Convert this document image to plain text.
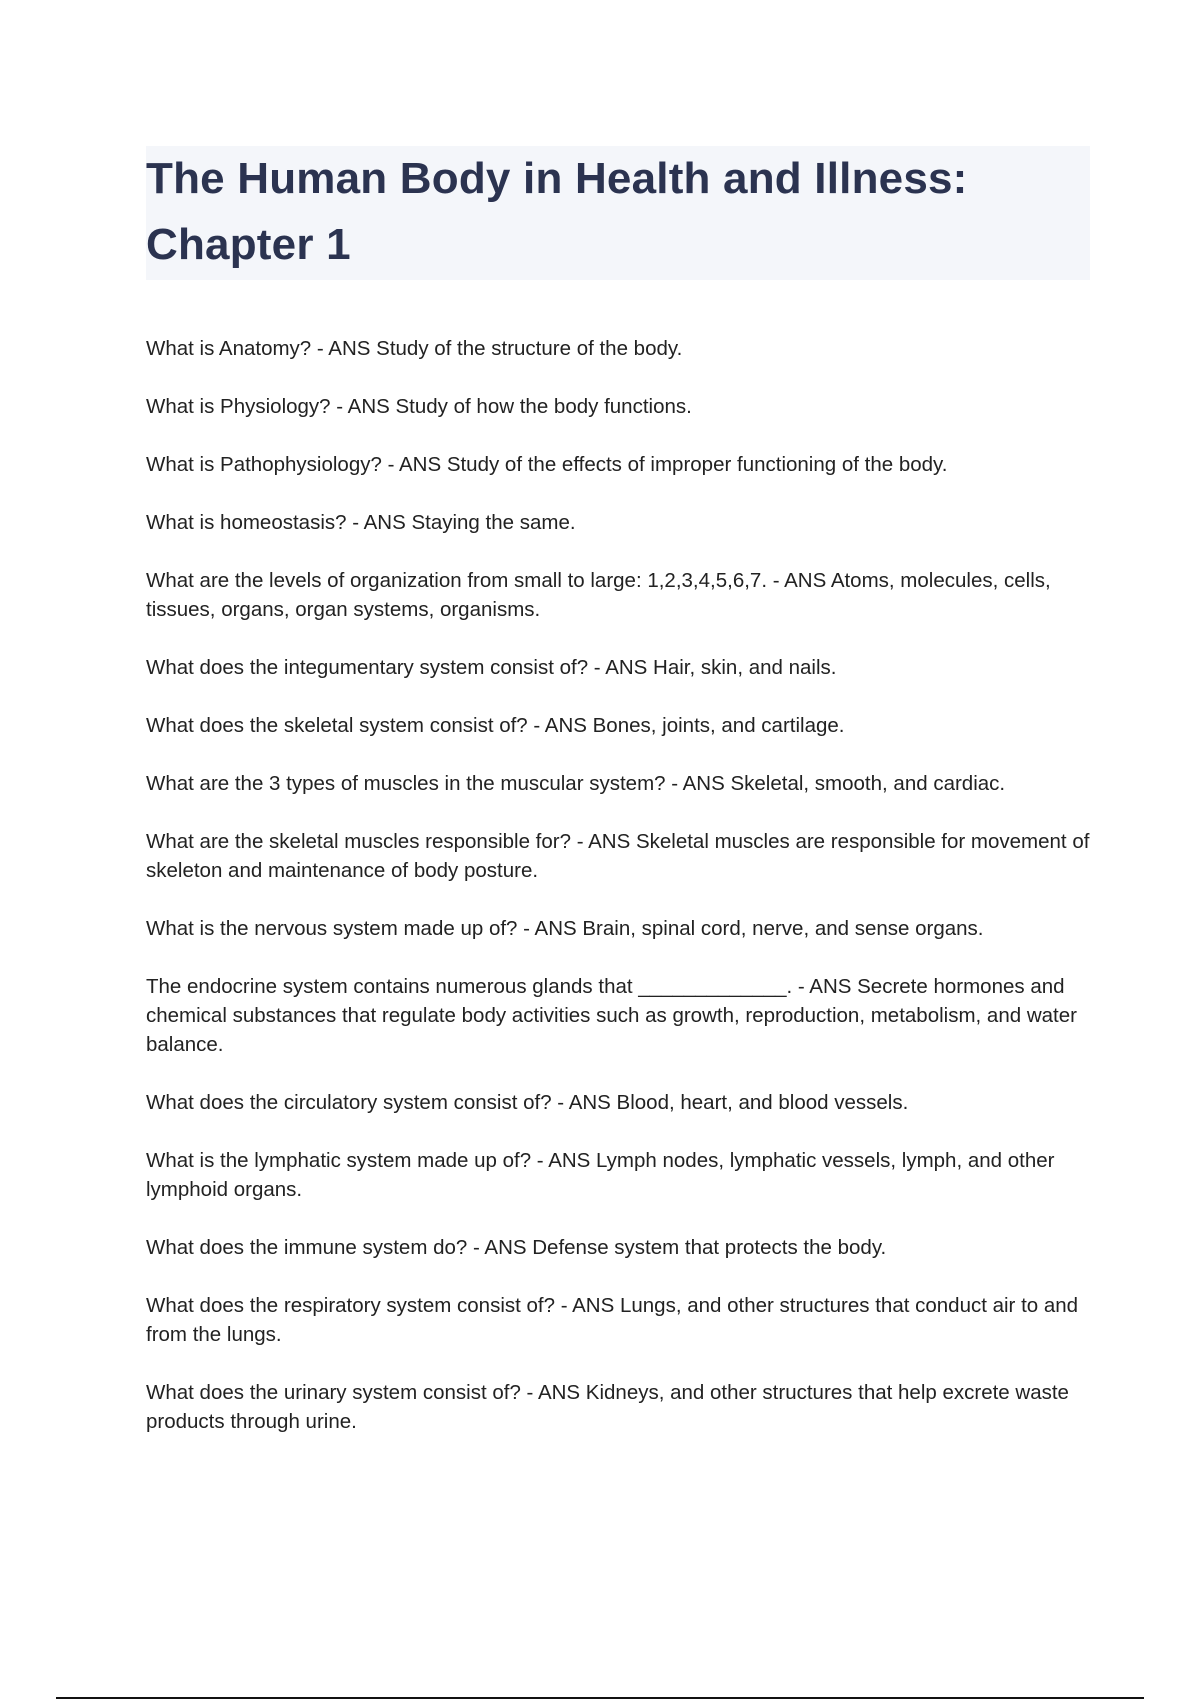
The Human Body in Health and Illness: Chapter 1

What is Anatomy? - ANS Study of the structure of the body.

What is Physiology? - ANS Study of how the body functions.

What is Pathophysiology? - ANS Study of the effects of improper functioning of the body.

What is homeostasis? - ANS Staying the same.

What are the levels of organization from small to large: 1,2,3,4,5,6,7. - ANS Atoms, molecules, cells, tissues, organs, organ systems, organisms.

What does the integumentary system consist of? - ANS Hair, skin, and nails.

What does the skeletal system consist of? - ANS Bones, joints, and cartilage.

What are the 3 types of muscles in the muscular system? - ANS Skeletal, smooth, and cardiac.

What are the skeletal muscles responsible for? - ANS Skeletal muscles are responsible for movement of skeleton and maintenance of body posture.

What is the nervous system made up of? - ANS Brain, spinal cord, nerve, and sense organs.

The endocrine system contains numerous glands that _____________. - ANS Secrete hormones and chemical substances that regulate body activities such as growth, reproduction, metabolism, and water balance.

What does the circulatory system consist of? - ANS Blood, heart, and blood vessels.

What is the lymphatic system made up of? - ANS Lymph nodes, lymphatic vessels, lymph, and other lymphoid organs.

What does the immune system do? - ANS Defense system that protects the body.

What does the respiratory system consist of? - ANS Lungs, and other structures that conduct air to and from the lungs.

What does the urinary system consist of? - ANS Kidneys, and other structures that help excrete waste products through urine.
